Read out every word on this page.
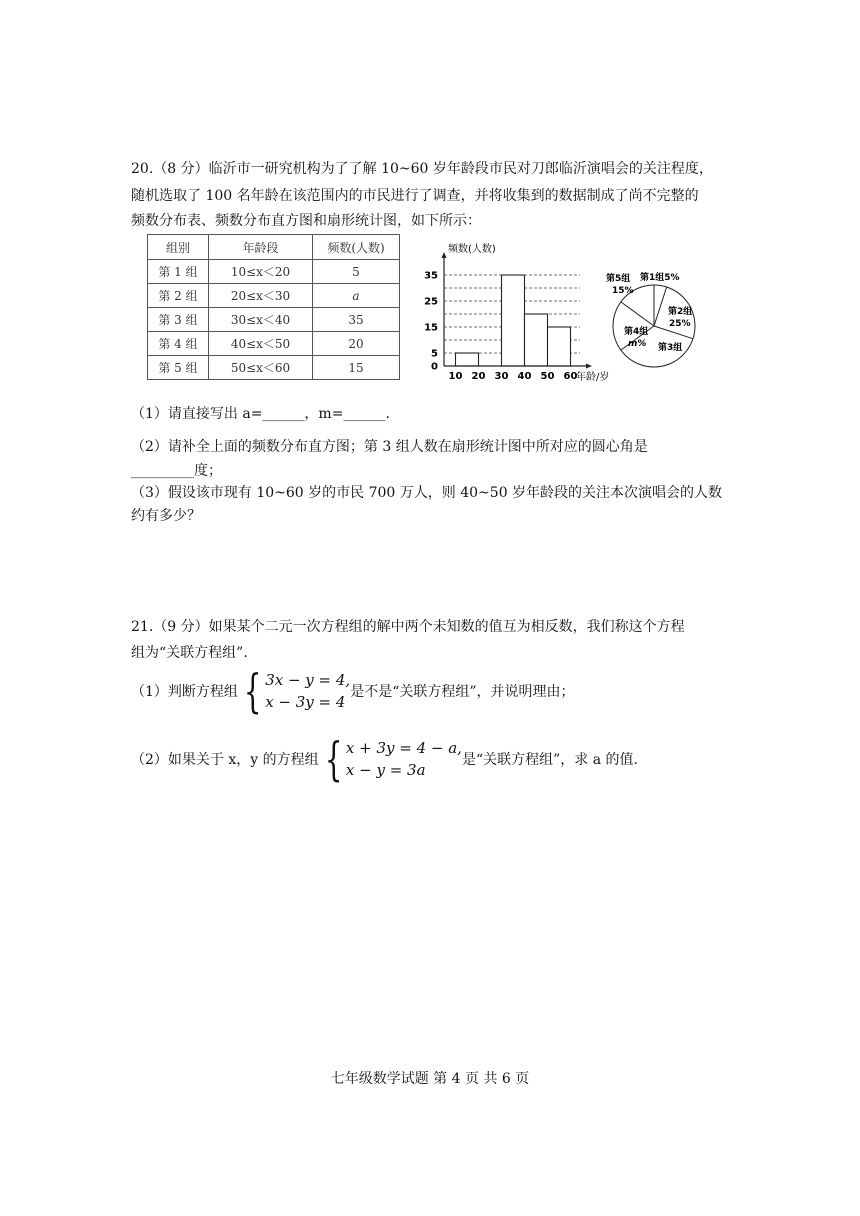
20.（8 分）临沂市一研究机构为了了解 10~60 岁年龄段市民对刀郎临沂演唱会的关注程度，
随机选取了 100 名年龄在该范围内的市民进行了调查，并将收集到的数据制成了尚不完整的
频数分布表、频数分布直方图和扇形统计图，如下所示：
组别	年龄段	频数(人数)
第 1 组	10≤x＜20	5
第 2 组	20≤x＜30	a
第 3 组	30≤x＜40	35
第 4 组	40≤x＜50	20
第 5 组	50≤x＜60	15
频数(人数)
10 20 30 40 50 60
0
5
15
25
35
年龄/岁
第5组
15%
第1组5%
第2组
25%
第4组
m% 第3组
（1）请直接写出 a=______，m=______.
（2）请补全上面的频数分布直方图；第 3 组人数在扇形统计图中所对应的圆心角是
_________度；
（3）假设该市现有 10~60 岁的市民 700 万人，则 40~50 岁年龄段的关注本次演唱会的人数
约有多少？
21.（9 分）如果某个二元一次方程组的解中两个未知数的值互为相反数，我们称这个方程
组为“关联方程组”.
（1）判断方程组 { 3x − y = 4,
x − 3y = 4
是不是“关联方程组”，并说明理由；
（2）如果关于 x，y 的方程组 { x + 3y = 4 − a,
x − y = 3a
是“关联方程组”，求 a 的值.
七年级数学试题 第 4 页 共 6 页
